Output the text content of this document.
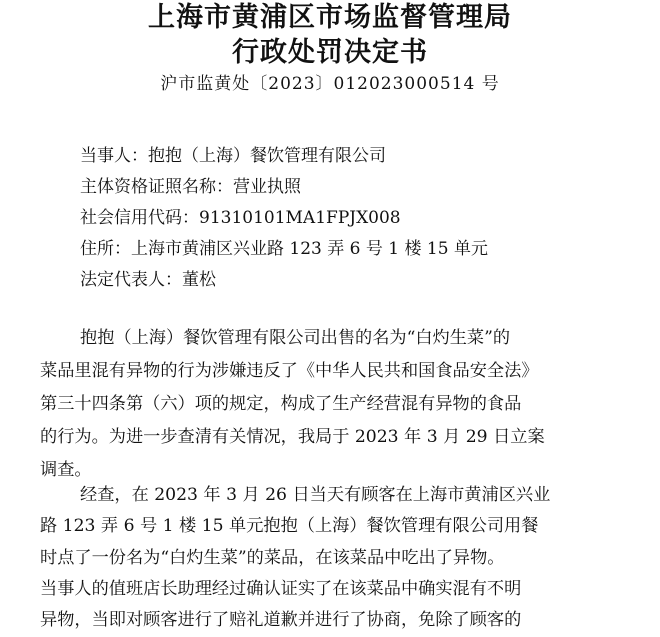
上海市黄浦区市场监督管理局
行政处罚决定书
沪市监黄处〔2023〕012023000514 号
当事人：抱抱（上海）餐饮管理有限公司
主体资格证照名称：营业执照
社会信用代码：91310101MA1FPJX008
住所：上海市黄浦区兴业路 123 弄 6 号 1 楼 15 单元
法定代表人：董松
抱抱（上海）餐饮管理有限公司出售的名为“白灼生菜”的
菜品里混有异物的行为涉嫌违反了《中华人民共和国食品安全法》
第三十四条第（六）项的规定，构成了生产经营混有异物的食品
的行为。为进一步查清有关情况，我局于 2023 年 3 月 29 日立案
调查。
经查，在 2023 年 3 月 26 日当天有顾客在上海市黄浦区兴业
路 123 弄 6 号 1 楼 15 单元抱抱（上海）餐饮管理有限公司用餐
时点了一份名为“白灼生菜”的菜品，在该菜品中吃出了异物。
当事人的值班店长助理经过确认证实了在该菜品中确实混有不明
异物，当即对顾客进行了赔礼道歉并进行了协商，免除了顾客的
